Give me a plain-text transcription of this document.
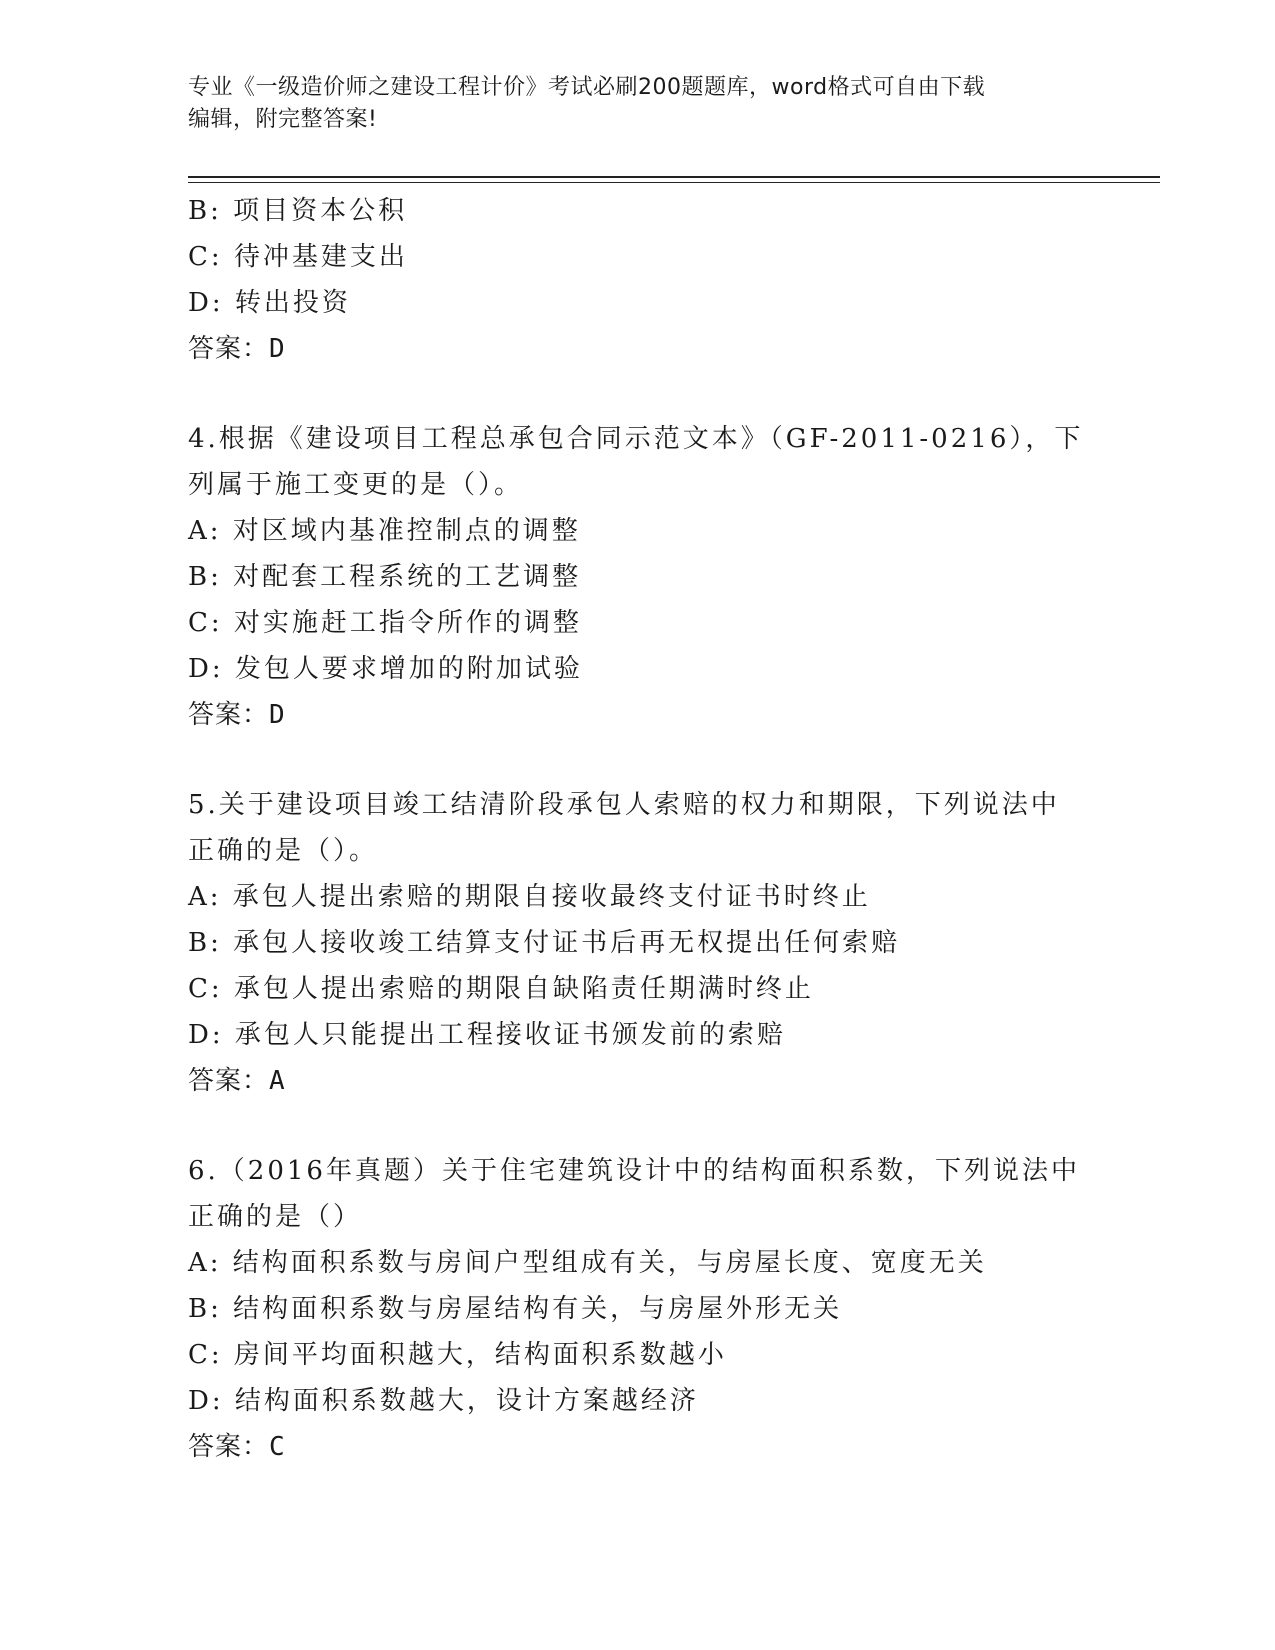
专业《一级造价师之建设工程计价》考试必刷200题题库，word格式可自由下载
编辑，附完整答案!
B: 项目资本公积
C: 待冲基建支出
D: 转出投资
答案：D
4.根据《建设项目工程总承包合同示范文本》（GF-2011-0216），下
列属于施工变更的是（）。
A: 对区域内基准控制点的调整
B: 对配套工程系统的工艺调整
C: 对实施赶工指令所作的调整
D: 发包人要求增加的附加试验
答案：D
5.关于建设项目竣工结清阶段承包人索赔的权力和期限，下列说法中
正确的是（）。
A: 承包人提出索赔的期限自接收最终支付证书时终止
B: 承包人接收竣工结算支付证书后再无权提出任何索赔
C: 承包人提出索赔的期限自缺陷责任期满时终止
D: 承包人只能提出工程接收证书颁发前的索赔
答案：A
6.（2016年真题）关于住宅建筑设计中的结构面积系数，下列说法中
正确的是（）
A: 结构面积系数与房间户型组成有关，与房屋长度、宽度无关
B: 结构面积系数与房屋结构有关，与房屋外形无关
C: 房间平均面积越大，结构面积系数越小
D: 结构面积系数越大，设计方案越经济
答案：C
